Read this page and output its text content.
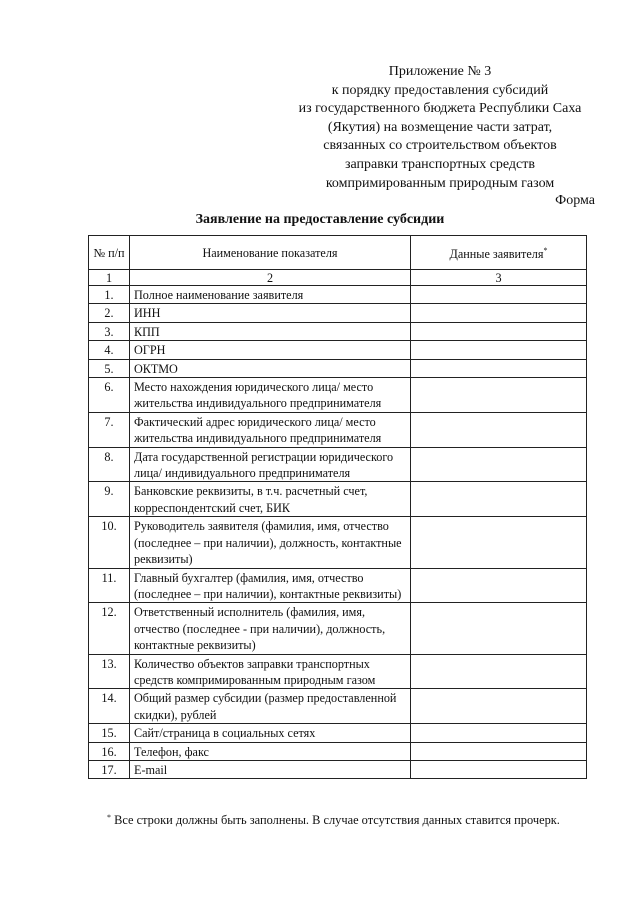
Приложение № 3
к порядку предоставления субсидий
из государственного бюджета Республики Саха
(Якутия) на возмещение части затрат,
связанных со строительством объектов
заправки транспортных средств
компримированным природным газом
Форма
Заявление на предоставление субсидии
№ п/п	Наименование показателя	Данные заявителя*
1	2	3
1.	Полное наименование заявителя	
2.	ИНН	
3.	КПП	
4.	ОГРН	
5.	ОКТМО	
6.	Место нахождения юридического лица/ место жительства индивидуального предпринимателя	
7.	Фактический адрес юридического лица/ место жительства индивидуального предпринимателя	
8.	Дата государственной регистрации юридического лица/ индивидуального предпринимателя	
9.	Банковские реквизиты, в т.ч. расчетный счет, корреспондентский счет, БИК	
10.	Руководитель заявителя (фамилия, имя, отчество (последнее – при наличии), должность, контактные реквизиты)	
11.	Главный бухгалтер (фамилия, имя, отчество (последнее – при наличии), контактные реквизиты)	
12.	Ответственный исполнитель (фамилия, имя, отчество (последнее - при наличии), должность, контактные реквизиты)	
13.	Количество объектов заправки транспортных средств компримированным природным газом	
14.	Общий размер субсидии (размер предоставленной скидки), рублей	
15.	Сайт/страница в социальных сетях	
16.	Телефон, факс	
17.	E-mail	
* Все строки должны быть заполнены. В случае отсутствия данных ставится прочерк.
